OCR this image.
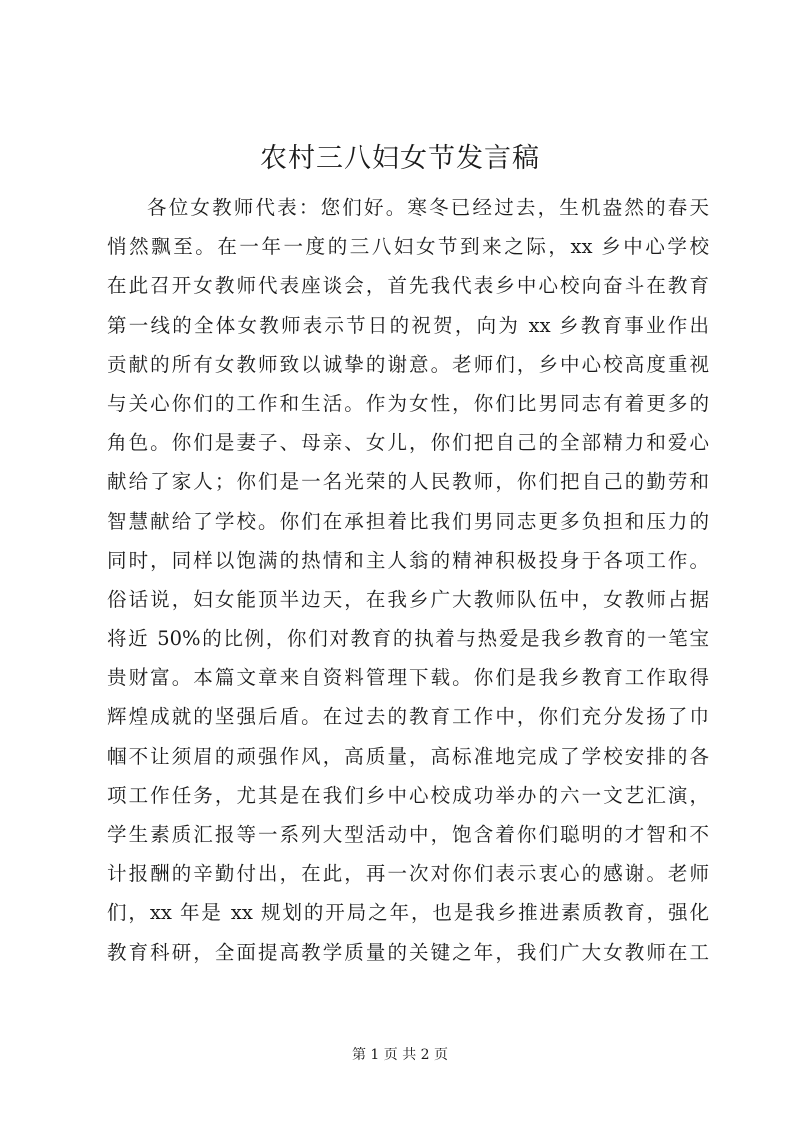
农村三八妇女节发言稿
各位女教师代表：您们好。寒冬已经过去，生机盎然的春天
悄然飘至。在一年一度的三八妇女节到来之际，xx 乡中心学校
在此召开女教师代表座谈会，首先我代表乡中心校向奋斗在教育
第一线的全体女教师表示节日的祝贺，向为 xx 乡教育事业作出
贡献的所有女教师致以诚挚的谢意。老师们，乡中心校高度重视
与关心你们的工作和生活。作为女性，你们比男同志有着更多的
角色。你们是妻子、母亲、女儿，你们把自己的全部精力和爱心
献给了家人；你们是一名光荣的人民教师，你们把自己的勤劳和
智慧献给了学校。你们在承担着比我们男同志更多负担和压力的
同时，同样以饱满的热情和主人翁的精神积极投身于各项工作。
俗话说，妇女能顶半边天，在我乡广大教师队伍中，女教师占据
将近 50%的比例，你们对教育的执着与热爱是我乡教育的一笔宝
贵财富。本篇文章来自资料管理下载。你们是我乡教育工作取得
辉煌成就的坚强后盾。在过去的教育工作中，你们充分发扬了巾
帼不让须眉的顽强作风，高质量，高标准地完成了学校安排的各
项工作任务，尤其是在我们乡中心校成功举办的六一文艺汇演，
学生素质汇报等一系列大型活动中，饱含着你们聪明的才智和不
计报酬的辛勤付出，在此，再一次对你们表示衷心的感谢。老师
们，xx 年是 xx 规划的开局之年，也是我乡推进素质教育，强化
教育科研，全面提高教学质量的关键之年，我们广大女教师在工
第 1 页 共 2 页
